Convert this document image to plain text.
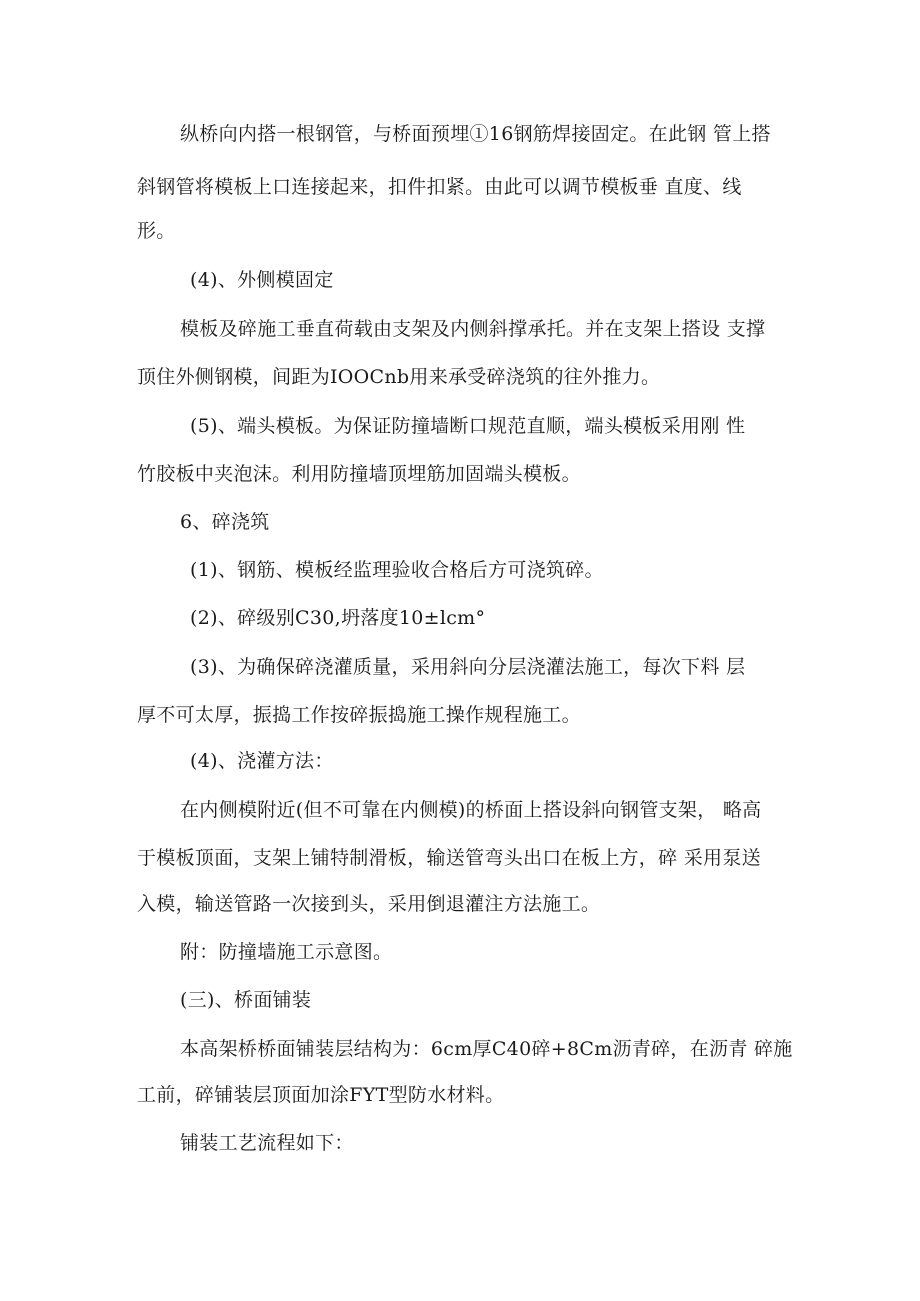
纵桥向内搭一根钢管，与桥面预埋①16钢筋焊接固定。在此钢 管上搭
斜钢管将模板上口连接起来，扣件扣紧。由此可以调节模板垂 直度、线
形。
(4)、外侧模固定
模板及碎施工垂直荷载由支架及内侧斜撑承托。并在支架上搭设 支撑
顶住外侧钢模，间距为IOOCnb用来承受碎浇筑的往外推力。
(5)、端头模板。为保证防撞墙断口规范直顺，端头模板采用刚 性
竹胶板中夹泡沫。利用防撞墙顶埋筋加固端头模板。
6、碎浇筑
(1)、钢筋、模板经监理验收合格后方可浇筑碎。
(2)、碎级别C30,坍落度10±lcm°
(3)、为确保碎浇灌质量，采用斜向分层浇灌法施工，每次下料 层
厚不可太厚，振捣工作按碎振捣施工操作规程施工。
(4)、浇灌方法：
在内侧模附近(但不可靠在内侧模)的桥面上搭设斜向钢管支架， 略高
于模板顶面，支架上铺特制滑板，输送管弯头出口在板上方，碎 采用泵送
入模，输送管路一次接到头，采用倒退灌注方法施工。
附：防撞墙施工示意图。
(三)、桥面铺装
本高架桥桥面铺装层结构为：6cm厚C40碎+8Cm沥青碎，在沥青 碎施
工前，碎铺装层顶面加涂FYT型防水材料。
铺装工艺流程如下：
